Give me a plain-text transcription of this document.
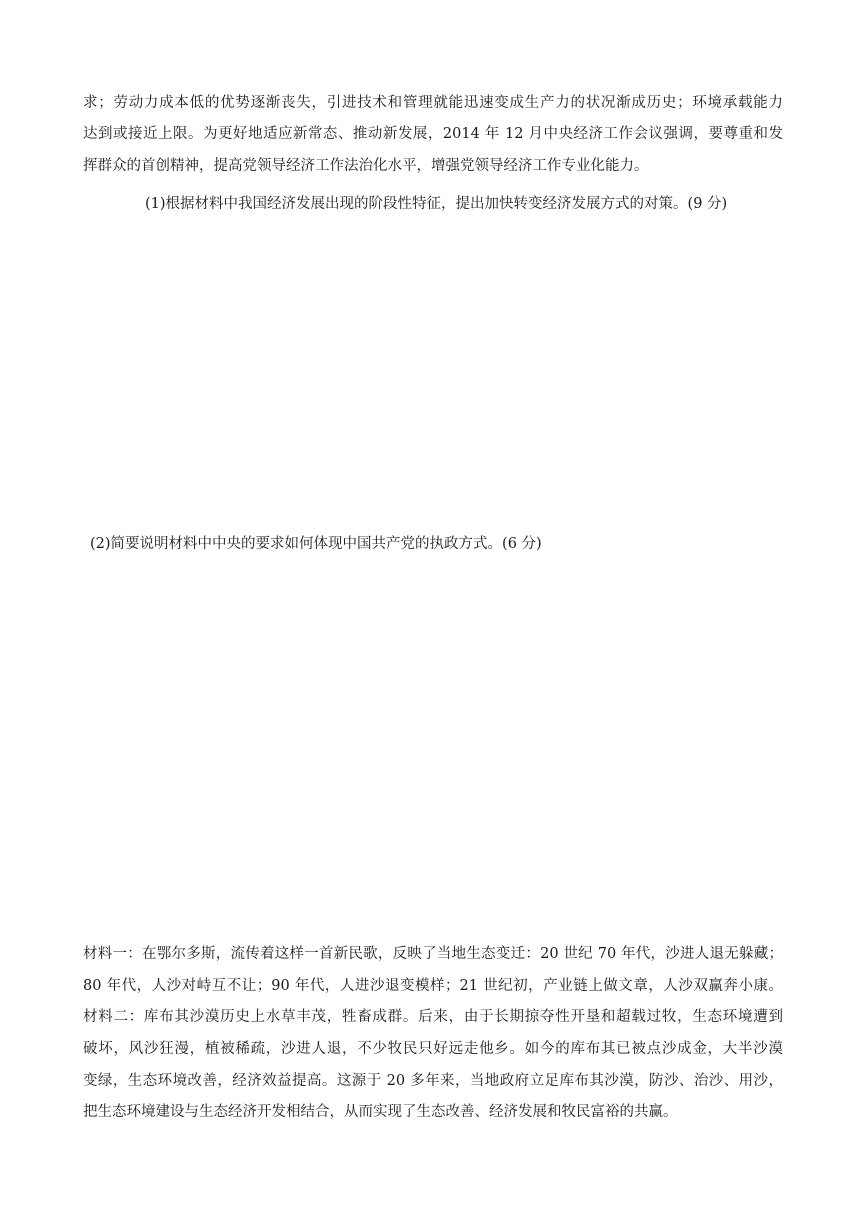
求；劳动力成本低的优势逐渐丧失，引进技术和管理就能迅速变成生产力的状况渐成历史；环境承载能力
达到或接近上限。为更好地适应新常态、推动新发展，2014 年 12 月中央经济工作会议强调，要尊重和发
挥群众的首创精神，提高党领导经济工作法治化水平，增强党领导经济工作专业化能力。
(1)根据材料中我国经济发展出现的阶段性特征，提出加快转变经济发展方式的对策。(9 分)
(2)简要说明材料中中央的要求如何体现中国共产党的执政方式。(6 分)
材料一：在鄂尔多斯，流传着这样一首新民歌，反映了当地生态变迁：20 世纪 70 年代，沙进人退无躲藏；
80 年代，人沙对峙互不让；90 年代，人进沙退变模样；21 世纪初，产业链上做文章，人沙双赢奔小康。
材料二：库布其沙漠历史上水草丰茂，牲畜成群。后来，由于长期掠夺性开垦和超载过牧，生态环境遭到
破坏，风沙狂漫，植被稀疏，沙进人退，不少牧民只好远走他乡。如今的库布其已被点沙成金，大半沙漠
变绿，生态环境改善，经济效益提高。这源于 20 多年来，当地政府立足库布其沙漠，防沙、治沙、用沙，
把生态环境建设与生态经济开发相结合，从而实现了生态改善、经济发展和牧民富裕的共赢。
